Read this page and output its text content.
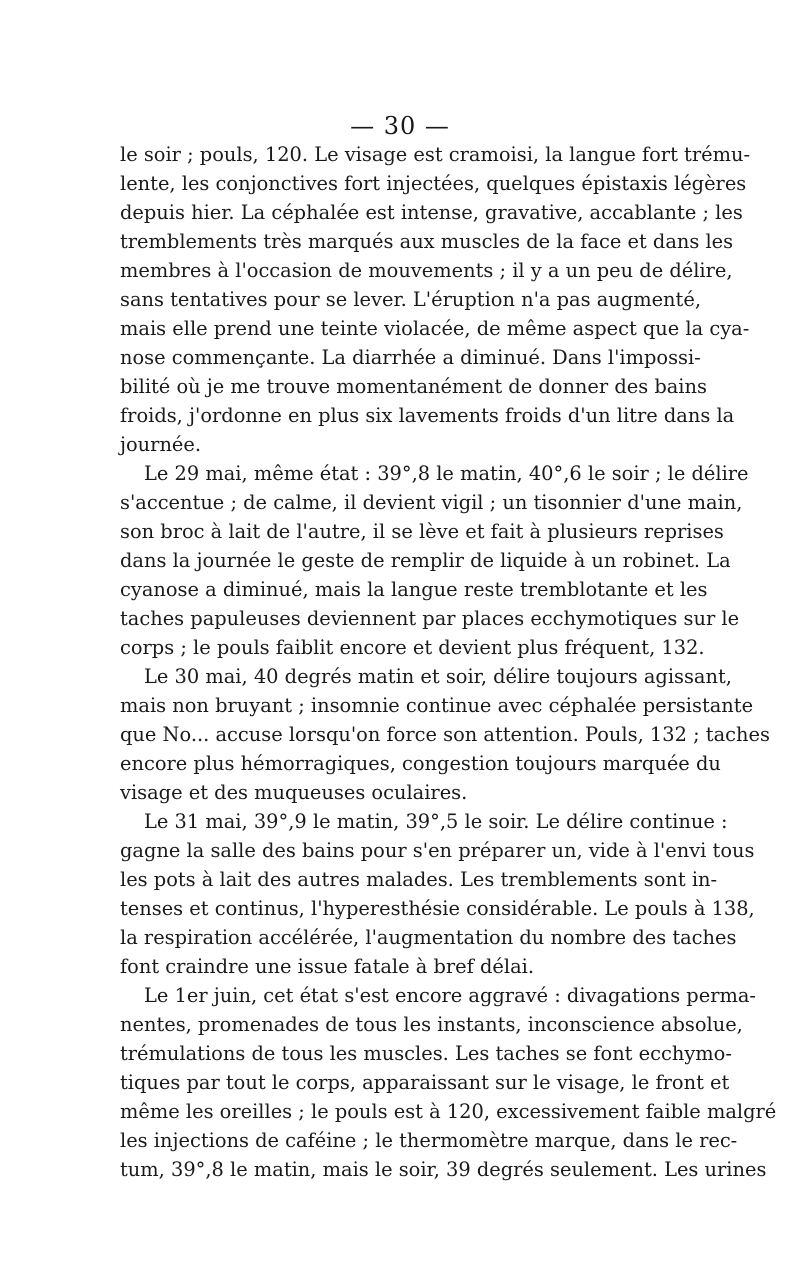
— 30 —
le soir ; pouls, 120. Le visage est cramoisi, la langue fort trému-
lente, les conjonctives fort injectées, quelques épistaxis légères
depuis hier. La céphalée est intense, gravative, accablante ; les
tremblements très marqués aux muscles de la face et dans les
membres à l'occasion de mouvements ; il y a un peu de délire,
sans tentatives pour se lever. L'éruption n'a pas augmenté,
mais elle prend une teinte violacée, de même aspect que la cya-
nose commençante. La diarrhée a diminué. Dans l'impossi-
bilité où je me trouve momentanément de donner des bains
froids, j'ordonne en plus six lavements froids d'un litre dans la
journée.
Le 29 mai, même état : 39°,8 le matin, 40°,6 le soir ; le délire
s'accentue ; de calme, il devient vigil ; un tisonnier d'une main,
son broc à lait de l'autre, il se lève et fait à plusieurs reprises
dans la journée le geste de remplir de liquide à un robinet. La
cyanose a diminué, mais la langue reste tremblotante et les
taches papuleuses deviennent par places ecchymotiques sur le
corps ; le pouls faiblit encore et devient plus fréquent, 132.
Le 30 mai, 40 degrés matin et soir, délire toujours agissant,
mais non bruyant ; insomnie continue avec céphalée persistante
que No... accuse lorsqu'on force son attention. Pouls, 132 ; taches
encore plus hémorragiques, congestion toujours marquée du
visage et des muqueuses oculaires.
Le 31 mai, 39°,9 le matin, 39°,5 le soir. Le délire continue :
gagne la salle des bains pour s'en préparer un, vide à l'envi tous
les pots à lait des autres malades. Les tremblements sont in-
tenses et continus, l'hyperesthésie considérable. Le pouls à 138,
la respiration accélérée, l'augmentation du nombre des taches
font craindre une issue fatale à bref délai.
Le 1er juin, cet état s'est encore aggravé : divagations perma-
nentes, promenades de tous les instants, inconscience absolue,
trémulations de tous les muscles. Les taches se font ecchymo-
tiques par tout le corps, apparaissant sur le visage, le front et
même les oreilles ; le pouls est à 120, excessivement faible malgré
les injections de caféine ; le thermomètre marque, dans le rec-
tum, 39°,8 le matin, mais le soir, 39 degrés seulement. Les urines
